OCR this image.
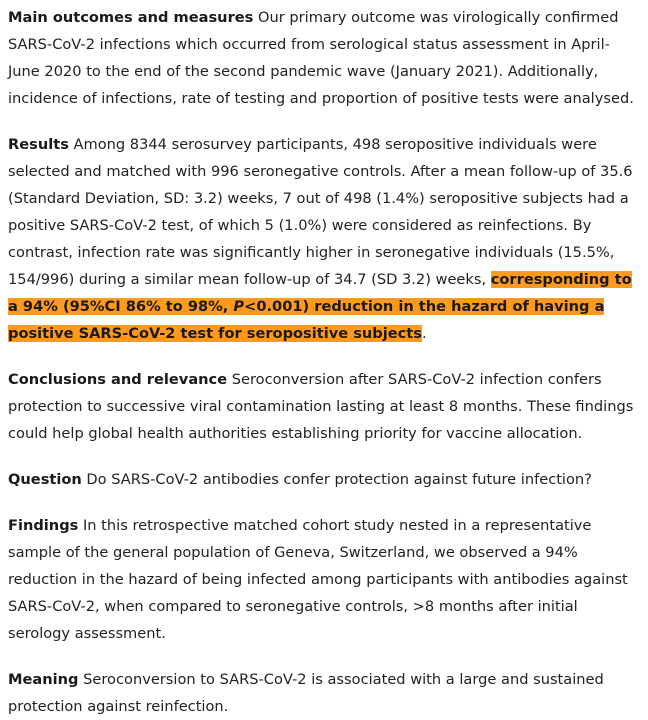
Main outcomes and measures Our primary outcome was virologically confirmed SARS-CoV-2 infections which occurred from serological status assessment in April-June 2020 to the end of the second pandemic wave (January 2021). Additionally, incidence of infections, rate of testing and proportion of positive tests were analysed.

Results Among 8344 serosurvey participants, 498 seropositive individuals were selected and matched with 996 seronegative controls. After a mean follow-up of 35.6 (Standard Deviation, SD: 3.2) weeks, 7 out of 498 (1.4%) seropositive subjects had a positive SARS-CoV-2 test, of which 5 (1.0%) were considered as reinfections. By contrast, infection rate was significantly higher in seronegative individuals (15.5%, 154/996) during a similar mean follow-up of 34.7 (SD 3.2) weeks, corresponding to a 94% (95%CI 86% to 98%, P<0.001) reduction in the hazard of having a positive SARS-CoV-2 test for seropositive subjects.

Conclusions and relevance Seroconversion after SARS-CoV-2 infection confers protection to successive viral contamination lasting at least 8 months. These findings could help global health authorities establishing priority for vaccine allocation.

Question Do SARS-CoV-2 antibodies confer protection against future infection?

Findings In this retrospective matched cohort study nested in a representative sample of the general population of Geneva, Switzerland, we observed a 94% reduction in the hazard of being infected among participants with antibodies against SARS-CoV-2, when compared to seronegative controls, >8 months after initial serology assessment.

Meaning Seroconversion to SARS-CoV-2 is associated with a large and sustained protection against reinfection.
